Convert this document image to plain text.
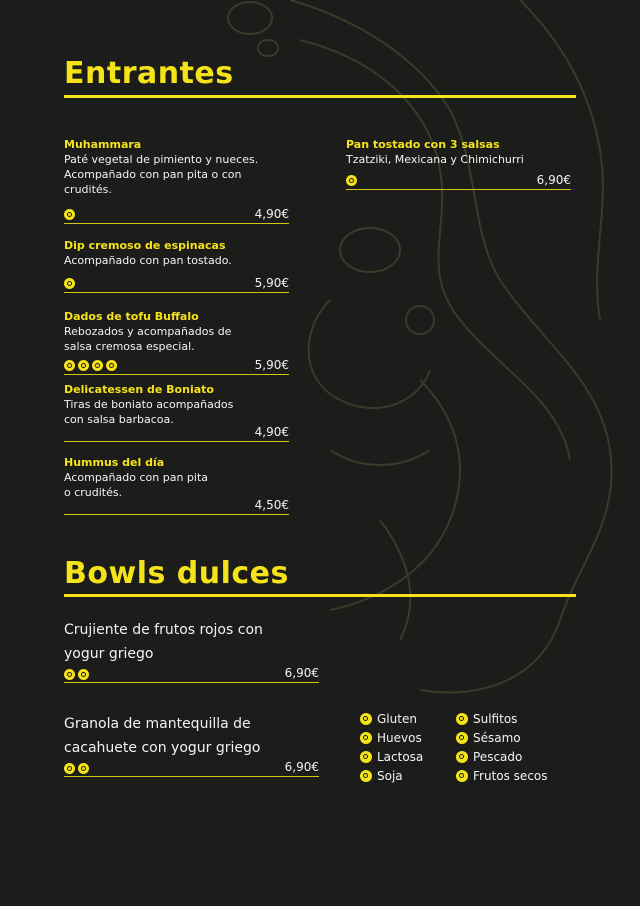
Entrantes
Muhammara
Paté vegetal de pimiento y nueces.
Acompañado con pan pita o con
crudités.
4,90€
Dip cremoso de espinacas
Acompañado con pan tostado.
5,90€
Dados de tofu Buffalo
Rebozados y acompañados de
salsa cremosa especial.
5,90€
Delicatessen de Boniato
Tiras de boniato acompañados
con salsa barbacoa.
4,90€
Hummus del día
Acompañado con pan pita
o crudités.
4,50€
Pan tostado con 3 salsas
Tzatziki, Mexicana y Chimichurri
6,90€
Bowls dulces
Crujiente de frutos rojos con
yogur griego
6,90€
Granola de mantequilla de
cacahuete con yogur griego
6,90€
Gluten	Sulfitos
Huevos	Sésamo
Lactosa	Pescado
Soja	Frutos secos
